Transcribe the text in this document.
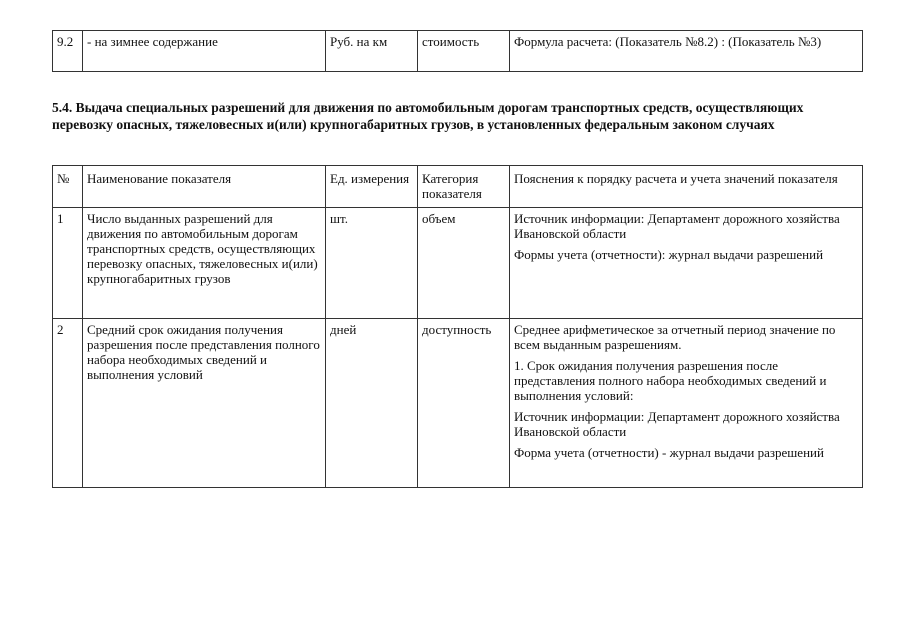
9.2	- на зимнее содержание	Руб. на км	стоимость	Формула расчета: (Показатель №8.2) : (Показатель №3)
5.4. Выдача специальных разрешений для движения по автомобильным дорогам транспортных средств, осуществляющих перевозку опасных, тяжеловесных и(или) крупногабаритных грузов, в установленных федеральным законом случаях
№	Наименование показателя	Ед. измерения	Категория показателя	Пояснения к порядку расчета и учета значений показателя
1	Число выданных разрешений для движения по автомобильным дорогам транспортных средств, осуществляющих перевозку опасных, тяжеловесных и(или) крупногабаритных грузов	шт.	объем	Источник информации: Департамент дорожного хозяйства Ивановской области
Формы учета (отчетности): журнал выдачи разрешений

2	Средний срок ожидания получения разрешения после представления полного набора необходимых сведений и выполнения условий	дней	доступность	Среднее арифметическое за отчетный период значение по всем выданным разрешениям.
1. Срок ожидания получения разрешения после представления полного набора необходимых сведений и выполнения условий:
Источник информации: Департамент дорожного хозяйства Ивановской области
Форма учета (отчетности) - журнал выдачи разрешений
